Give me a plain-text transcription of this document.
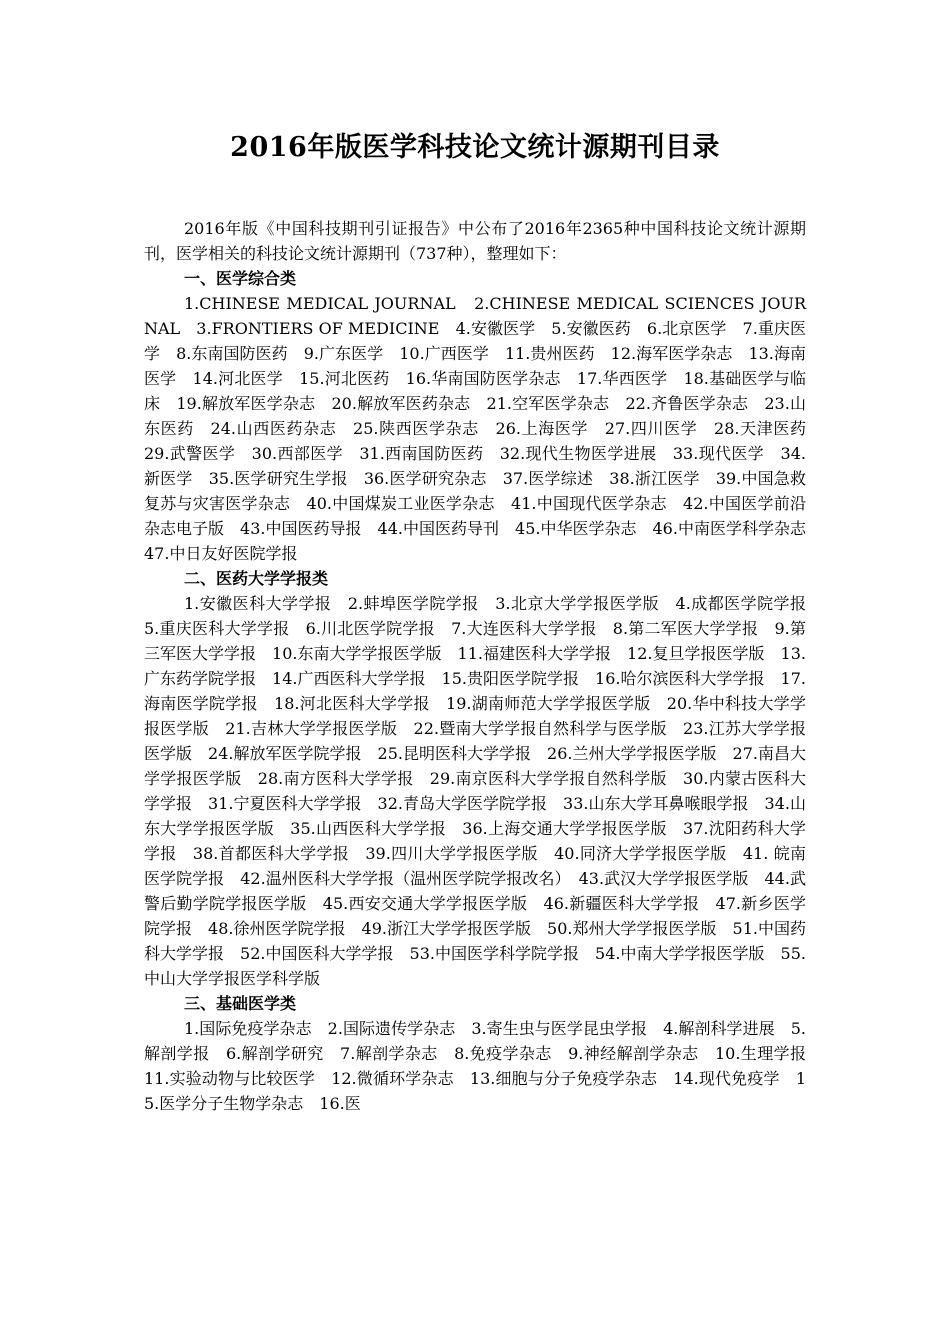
2016年版医学科技论文统计源期刊目录

2016年版《中国科技期刊引证报告》中公布了2016年2365种中国科技论文统计源期刊，医学相关的科技论文统计源期刊（737种），整理如下：

一、医学综合类

1.CHINESE MEDICAL JOURNAL　2.CHINESE MEDICAL SCIENCES JOURNAL　3.FRONTIERS OF MEDICINE　4.安徽医学　5.安徽医药　6.北京医学　7.重庆医学　8.东南国防医药　9.广东医学　10.广西医学　11.贵州医药　12.海军医学杂志　13.海南医学　14.河北医学　15.河北医药　16.华南国防医学杂志　17.华西医学　18.基础医学与临床　19.解放军医学杂志　20.解放军医药杂志　21.空军医学杂志　22.齐鲁医学杂志　23.山东医药　24.山西医药杂志　25.陕西医学杂志　26.上海医学　27.四川医学　28.天津医药　29.武警医学　30.西部医学　31.西南国防医药　32.现代生物医学进展　33.现代医学　34.新医学　35.医学研究生学报　36.医学研究杂志　37.医学综述　38.浙江医学　39.中国急救复苏与灾害医学杂志　40.中国煤炭工业医学杂志　41.中国现代医学杂志　42.中国医学前沿杂志电子版　43.中国医药导报　44.中国医药导刊　45.中华医学杂志　46.中南医学科学杂志　47.中日友好医院学报

二、医药大学学报类

1.安徽医科大学学报　2.蚌埠医学院学报　3.北京大学学报医学版　4.成都医学院学报　5.重庆医科大学学报　6.川北医学院学报　7.大连医科大学学报　8.第二军医大学学报　9.第三军医大学学报　10.东南大学学报医学版　11.福建医科大学学报　12.复旦学报医学版　13.广东药学院学报　14.广西医科大学学报　15.贵阳医学院学报　16.哈尔滨医科大学学报　17.海南医学院学报　18.河北医科大学学报　19.湖南师范大学学报医学版　20.华中科技大学学报医学版　21.吉林大学学报医学版　22.暨南大学学报自然科学与医学版　23.江苏大学学报医学版　24.解放军医学院学报　25.昆明医科大学学报　26.兰州大学学报医学版　27.南昌大学学报医学版　28.南方医科大学学报　29.南京医科大学学报自然科学版　30.内蒙古医科大学学报　31.宁夏医科大学学报　32.青岛大学医学院学报　33.山东大学耳鼻喉眼学报　34.山东大学学报医学版　35.山西医科大学学报　36.上海交通大学学报医学版　37.沈阳药科大学学报　38.首都医科大学学报　39.四川大学学报医学版　40.同济大学学报医学版　41. 皖南医学院学报　42.温州医科大学学报（温州医学院学报改名）　43.武汉大学学报医学版　44.武警后勤学院学报医学版　45.西安交通大学学报医学版　46.新疆医科大学学报　47.新乡医学院学报　48.徐州医学院学报　49.浙江大学学报医学版　50.郑州大学学报医学版　51.中国药科大学学报　52.中国医科大学学报　53.中国医学科学院学报　54.中南大学学报医学版　55.中山大学学报医学科学版

三、基础医学类

1.国际免疫学杂志　2.国际遗传学杂志　3.寄生虫与医学昆虫学报　4.解剖科学进展　5.解剖学报　6.解剖学研究　7.解剖学杂志　8.免疫学杂志　9.神经解剖学杂志　10.生理学报　11.实验动物与比较医学　12.微循环学杂志　13.细胞与分子免疫学杂志　14.现代免疫学　15.医学分子生物学杂志　16.医
